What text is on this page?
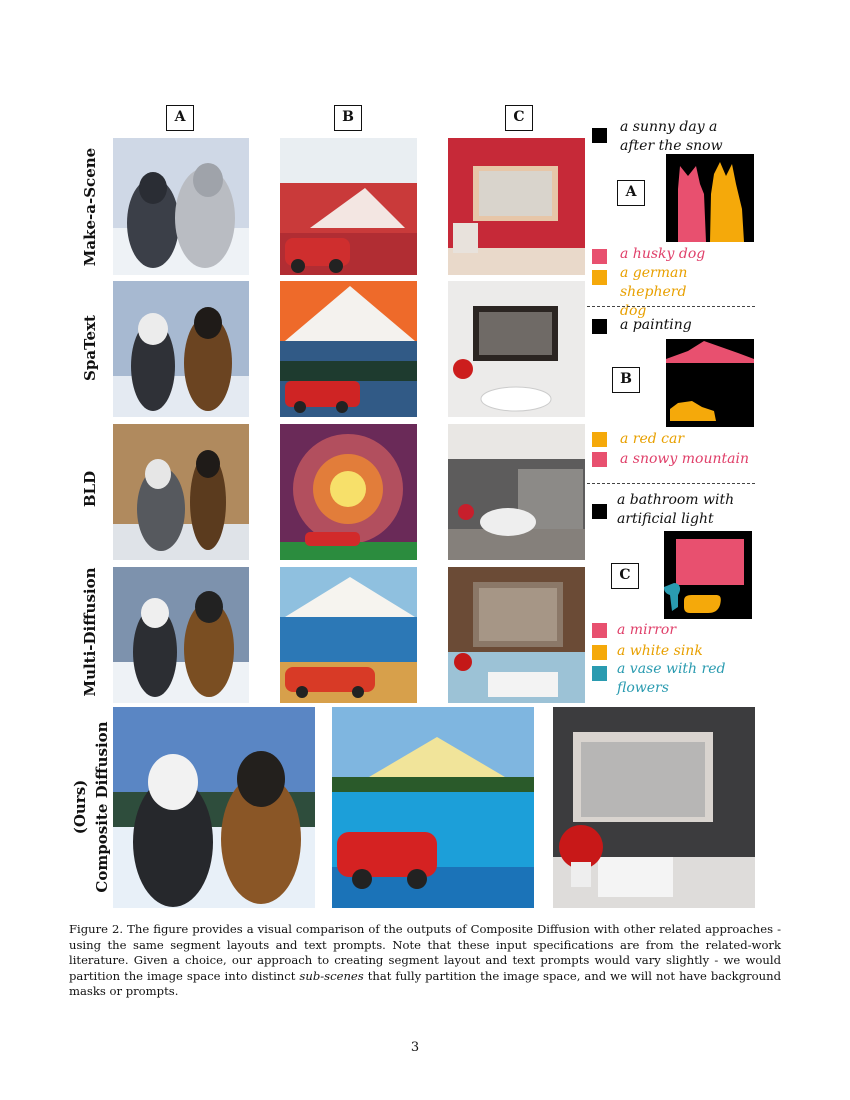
A	B	C
Make-a-Scene
SpaText
BLD
Multi-Diffusion
(Ours) Composite Diffusion
a sunny day a after the snow
A
a husky dog
a german shepherd dog
a painting
B
a red car
a snowy mountain
a bathroom with artificial light
C
a mirror
a white sink
a vase with red flowers
Figure 2. The figure provides a visual comparison of the outputs of Composite Diffusion with other related approaches - using the same segment layouts and text prompts. Note that these input specifications are from the related-work literature. Given a choice, our approach to creating segment layout and text prompts would vary slightly - we would partition the image space into distinct sub-scenes that fully partition the image space, and we will not have background masks or prompts.
3
